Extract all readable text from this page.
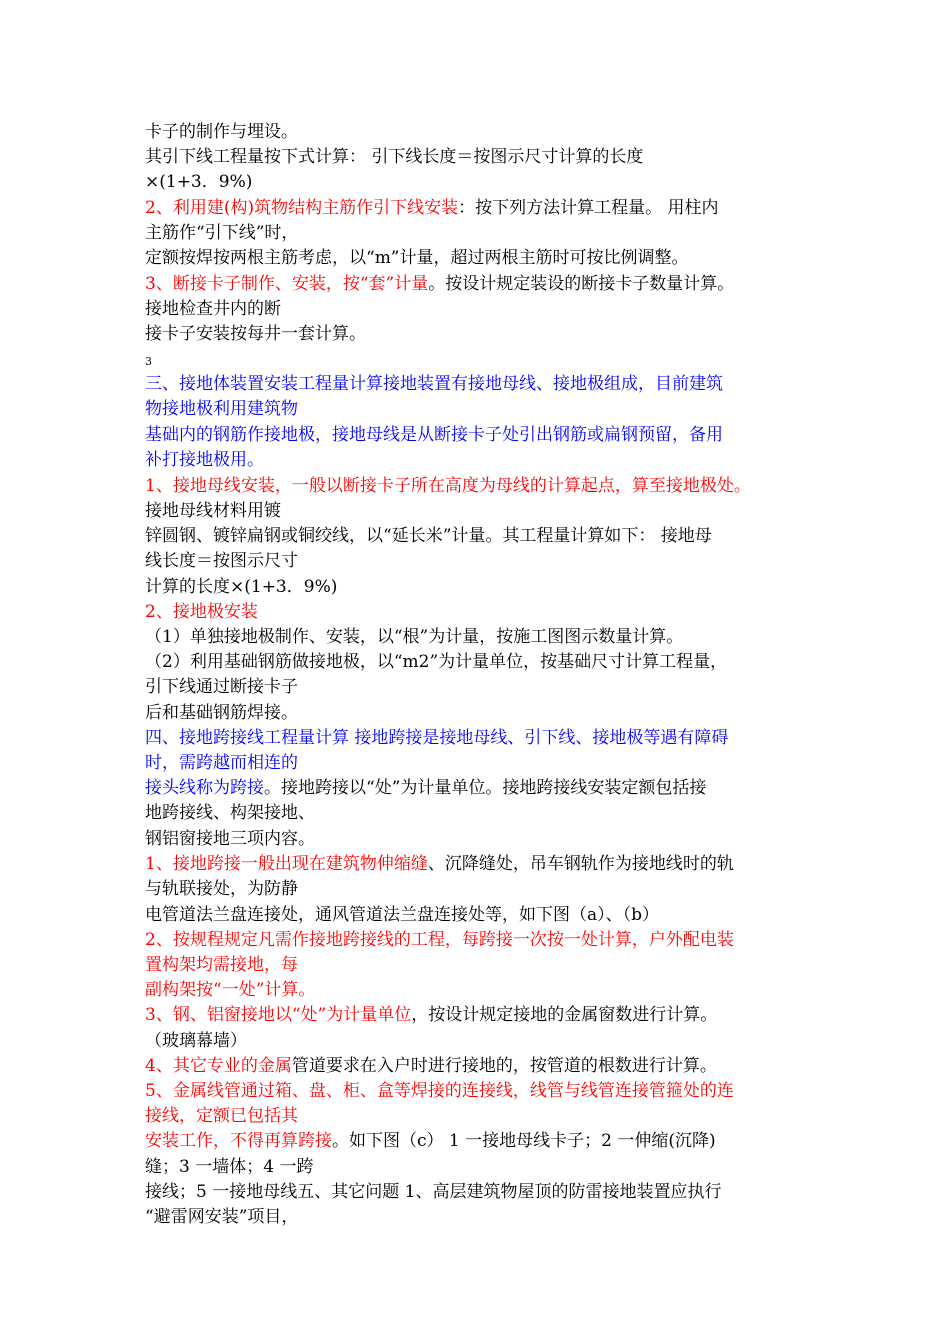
卡子的制作与埋设。
其引下线工程量按下式计算： 引下线长度＝按图示尺寸计算的长度
×(1+3．9%)
2、利用建(构)筑物结构主筋作引下线安装：按下列方法计算工程量。 用柱内
主筋作“引下线”时，
定额按焊按两根主筋考虑，以“m”计量，超过两根主筋时可按比例调整。
3、断接卡子制作、安装，按“套”计量。按设计规定装设的断接卡子数量计算。
接地检查井内的断
接卡子安装按每井一套计算。
3
三、接地体装置安装工程量计算接地装置有接地母线、接地极组成，目前建筑
物接地极利用建筑物
基础内的钢筋作接地极，接地母线是从断接卡子处引出钢筋或扁钢预留，备用
补打接地极用。
1、接地母线安装，一般以断接卡子所在高度为母线的计算起点，算至接地极处。
接地母线材料用镀
锌圆钢、镀锌扁钢或铜绞线，以“延长米”计量。其工程量计算如下： 接地母
线长度＝按图示尺寸
计算的长度×(1+3．9%)
2、接地极安装
（1）单独接地极制作、安装，以“根”为计量，按施工图图示数量计算。
（2）利用基础钢筋做接地极，以“m2”为计量单位，按基础尺寸计算工程量，
引下线通过断接卡子
后和基础钢筋焊接。
四、接地跨接线工程量计算 接地跨接是接地母线、引下线、接地极等遇有障碍
时，需跨越而相连的
接头线称为跨接。接地跨接以“处”为计量单位。接地跨接线安装定额包括接
地跨接线、构架接地、
钢铝窗接地三项内容。
1、接地跨接一般出现在建筑物伸缩缝、沉降缝处，吊车钢轨作为接地线时的轨
与轨联接处，为防静
电管道法兰盘连接处，通风管道法兰盘连接处等，如下图（a）、（b）
2、按规程规定凡需作接地跨接线的工程，每跨接一次按一处计算，户外配电装
置构架均需接地，每
副构架按“一处”计算。
3、钢、铝窗接地以“处”为计量单位，按设计规定接地的金属窗数进行计算。
（玻璃幕墙）
4、其它专业的金属管道要求在入户时进行接地的，按管道的根数进行计算。
5、金属线管通过箱、盘、柜、盒等焊接的连接线，线管与线管连接管箍处的连
接线，定额已包括其
安装工作，不得再算跨接。如下图（c） 1 一接地母线卡子；2 一伸缩(沉降)
缝；3 一墙体；4 一跨
接线；5 一接地母线五、其它问题 1、高层建筑物屋顶的防雷接地装置应执行
“避雷网安装”项目，
